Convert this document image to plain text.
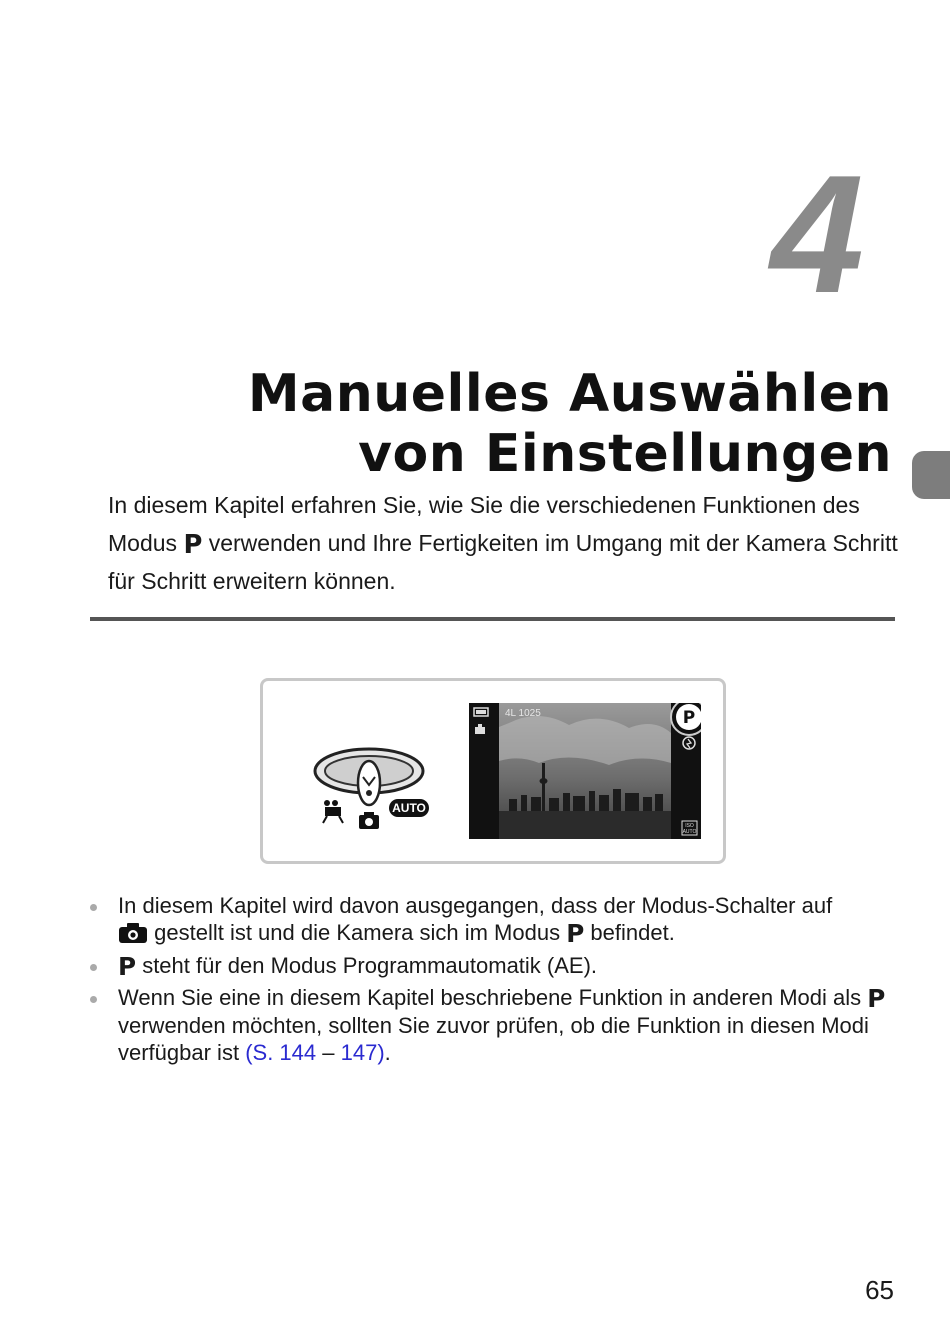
4
Manuelles Auswählen
von Einstellungen
In diesem Kapitel erfahren Sie, wie Sie die verschiedenen Funktionen des Modus P verwenden und Ihre Fertigkeiten im Umgang mit der Kamera Schritt für Schritt erweitern können.
AUTO
4L 1025	P
ISO
AUTO
In diesem Kapitel wird davon ausgegangen, dass der Modus-Schalter auf
gestellt ist und die Kamera sich im Modus P befindet.
P steht für den Modus Programmautomatik (AE).
Wenn Sie eine in diesem Kapitel beschriebene Funktion in anderen Modi als P verwenden möchten, sollten Sie zuvor prüfen, ob die Funktion in diesen Modi verfügbar ist (S. 144 – 147).
65
